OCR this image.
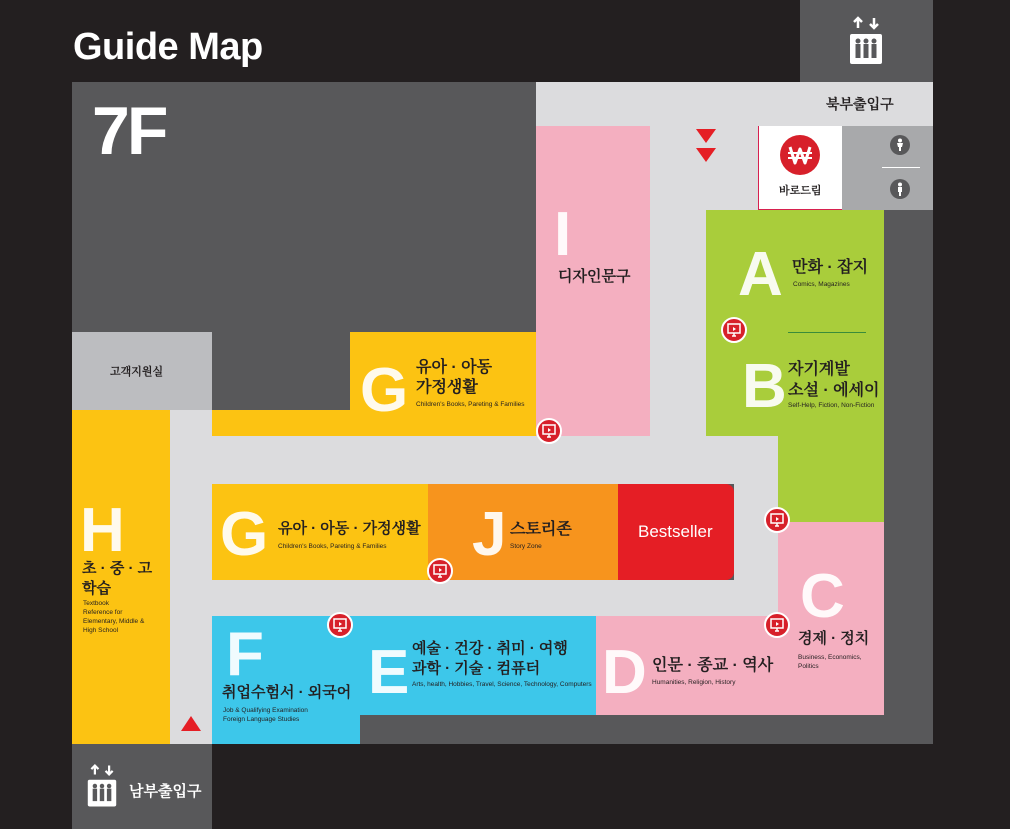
북부출입구
남부출입구
Guide Map
7F
고객지원실
바로드림
I
디자인문구 A 만화 · 잡지
Comics, Magazines
B 자기계발
소설 · 에세이
Self-Help, Fiction, Non-Fiction
G 유아 · 아동
가정생활
Children's Books, Pareting & Families
H
초 · 중 · 고
학습
Textbook
Reference for
Elementary, Middle &
High School
G 유아 · 아동 · 가정생활
Children's Books, Pareting & Families J 스토리존
Story Zone
Bestseller
C
경제 · 정치
Business, Economics,
Politics
D 인문 · 종교 · 역사
Humanities, Religion, History
E 예술 · 건강 · 취미 · 여행
과학 · 기술 · 컴퓨터
Arts, health, Hobbies, Travel, Science, Technology, Computers
F
취업수험서 · 외국어
Job & Qualifying Examination
Foreign Language Studies
